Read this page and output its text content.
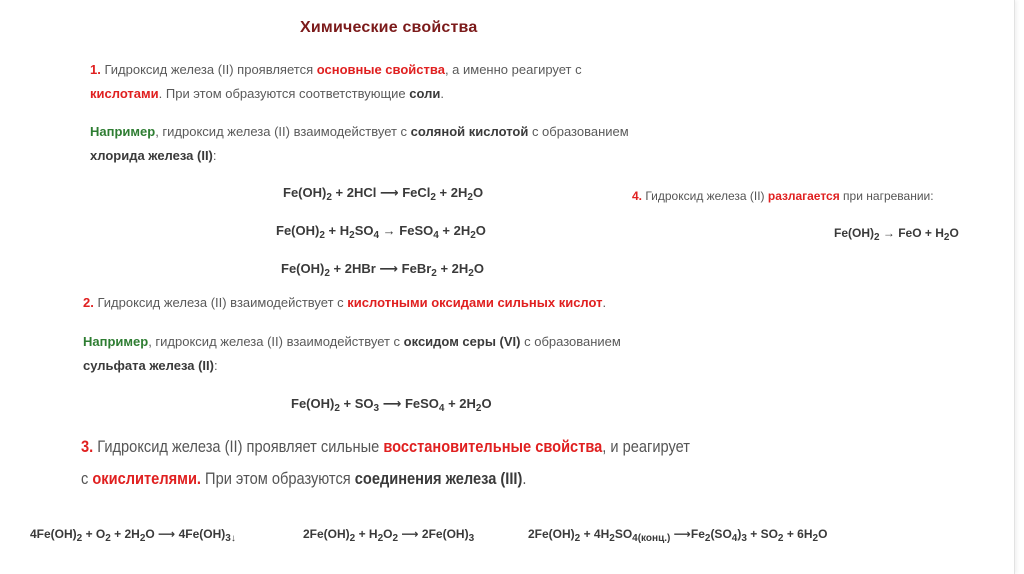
Химические свойства
1. Гидроксид железа (II) проявляется основные свойства, а именно реагирует с
кислотами. При этом образуются соответствующие соли.
Например, гидроксид железа (II) взаимодействует с соляной кислотой с образованием
хлорида железа (II):
$Fe(OH)_2 + 2HCl$ ⟶ FeCl$_2$ + $2H_2O$
$Fe(OH)_2 + H_2SO_4$ → FeSO$_4$ + $2H_2O$
$Fe(OH)_2 + 2HBr$ ⟶ FeBr$_2$ + $2H_2O$
4. Гидроксид железа (II) разлагается при нагревании:
$Fe(OH)_2$ → FeO + $H_2O$
2. Гидроксид железа (II) взаимодействует с кислотными оксидами сильных кислот.
Например, гидроксид железа (II) взаимодействует с оксидом серы (VI) с образованием
сульфата железа (II):
$Fe(OH)_2 + SO_3$ ⟶ FeSO$_4$ + $2H_2O$
3. Гидроксид железа (II) проявляет сильные восстановительные свойства, и реагирует
с окислителями. При этом образуются соединения железа (III).
$4Fe(OH)_2 + O_2 + 2H_2O$ ⟶ $4Fe(OH)_{3↓}$	$2Fe(OH)_2 + H_2O_2$ ⟶ $2Fe(OH)_3$	$2Fe(OH)_2 + 4H_2SO_{4(конц.)}$ $⟶Fe_2(SO_4)_3 + SO_2 + 6H_2O$
